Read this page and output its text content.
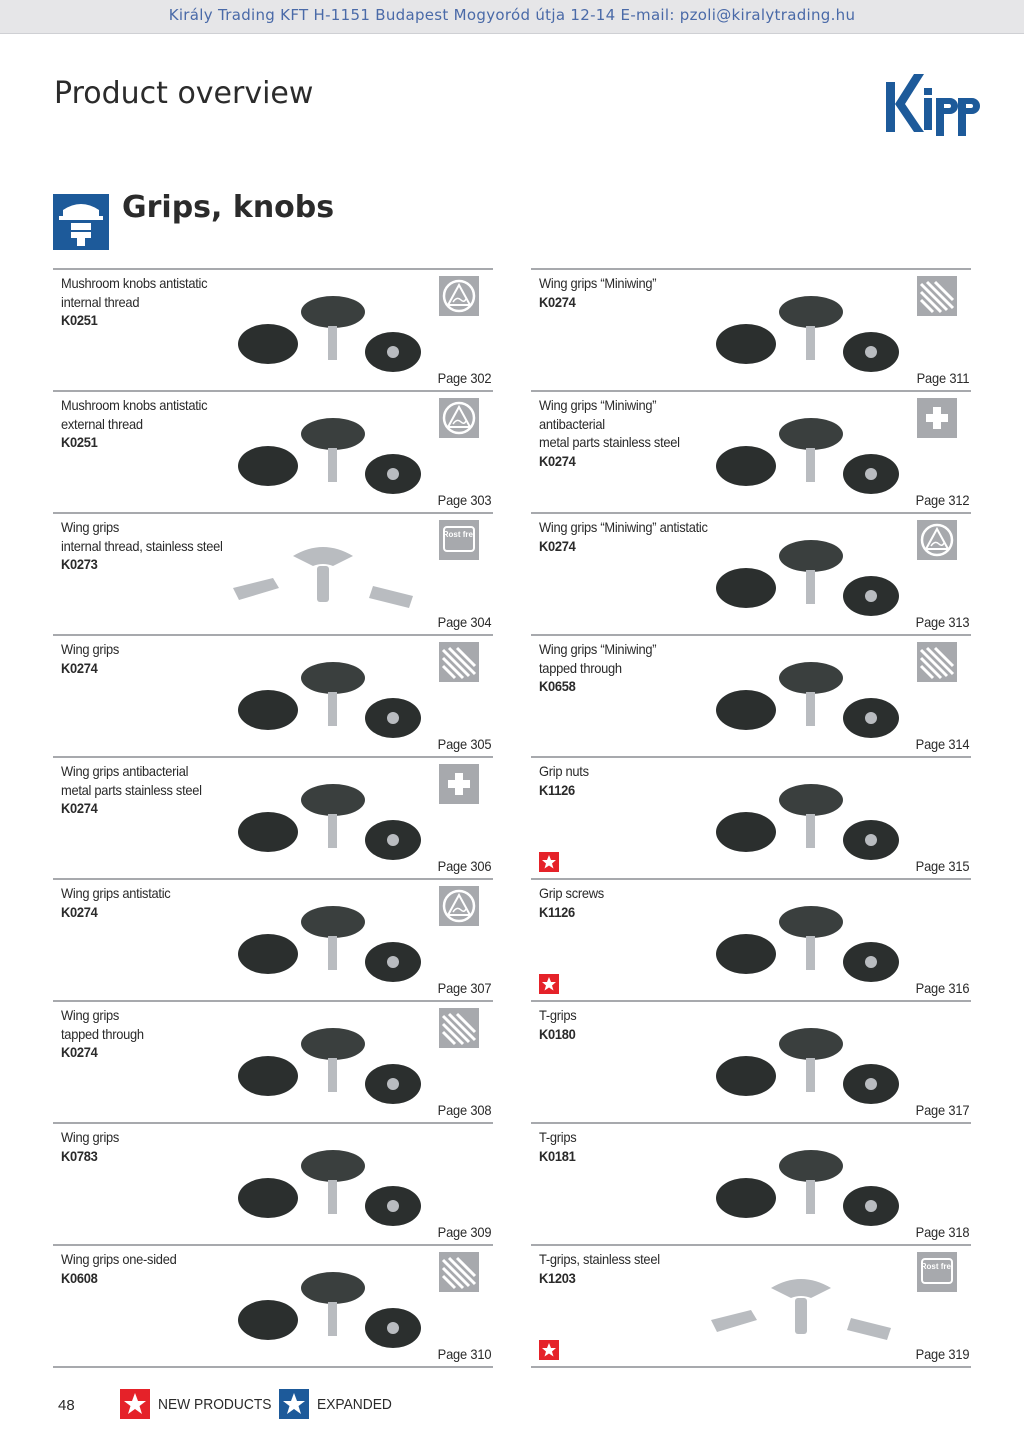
Király Trading KFT H-1151 Budapest Mogyoród útja 12-14 E-mail: pzoli@kiralytrading.hu
Product overview
Kipp
Grips, knobs
Mushroom knobs antistatic
internal thread
K0251
Page 302
Mushroom knobs antistatic
external thread
K0251
Page 303
Wing grips
internal thread, stainless steel
K0273
Rost frei
Page 304
Wing grips
K0274
Page 305
Wing grips antibacterial
metal parts stainless steel
K0274
Page 306
Wing grips antistatic
K0274
Page 307
Wing grips
tapped through
K0274
Page 308
Wing grips
K0783
Page 309
Wing grips one-sided
K0608
Page 310
Wing grips “Miniwing”
K0274
Page 311
Wing grips “Miniwing” antibacterial
metal parts stainless steel
K0274
Page 312
Wing grips “Miniwing” antistatic
K0274
Page 313
Wing grips “Miniwing”
tapped through
K0658
Page 314
Grip nuts
K1126
Page 315
Grip screws
K1126
Page 316
T-grips
K0180
Page 317
T-grips
K0181
Page 318
T-grips, stainless steel
K1203
Rost frei
Page 319
48	NEW PRODUCTS	EXPANDED
